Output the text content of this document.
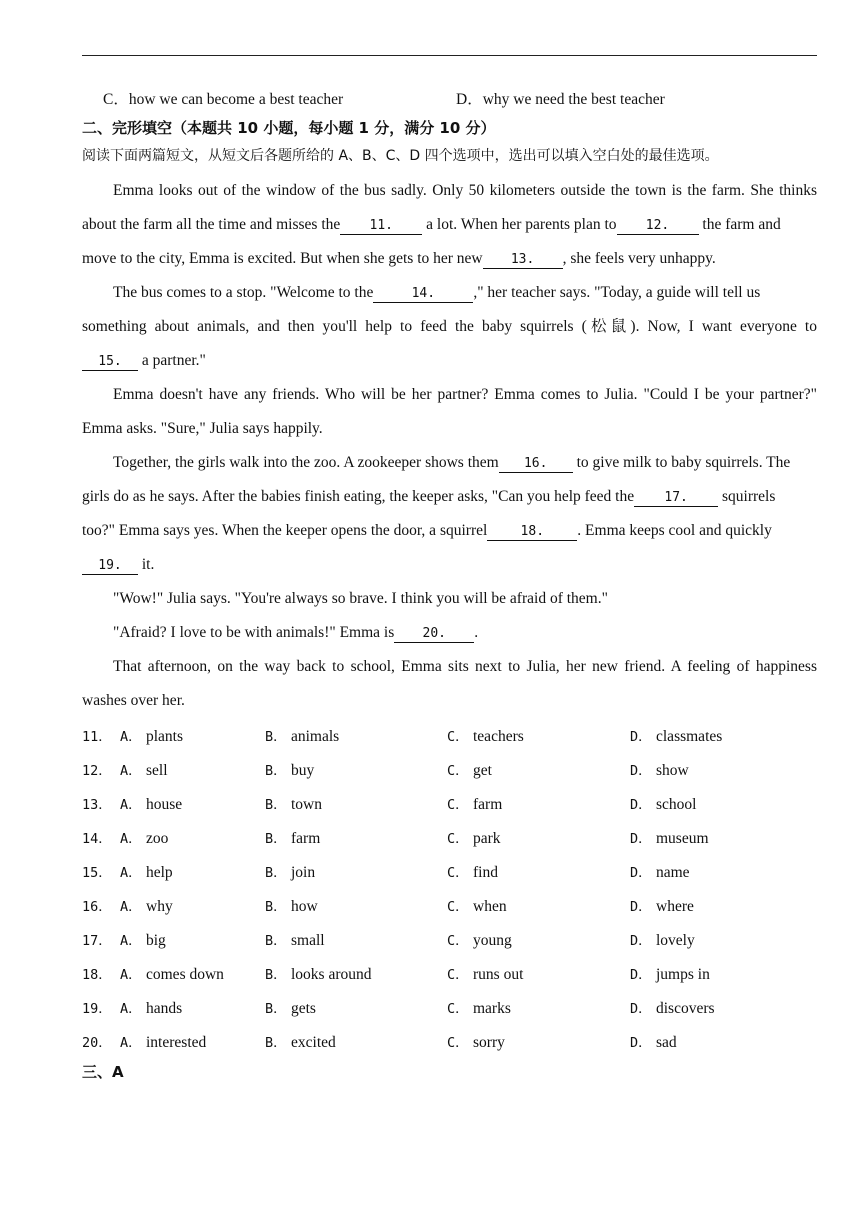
C．how we can become a best teacher	D．why we need the best teacher
二、完形填空（本题共 10 小题，每小题 1 分，满分 10 分）
阅读下面两篇短文，从短文后各题所给的 A、B、C、D 四个选项中，选出可以填入空白处的最佳选项。
Emma looks out of the window of the bus sadly. Only 50 kilometers outside the town is the farm. She thinks
about the farm all the time and misses the 11. a lot. When her parents plan to 12. the farm and
move to the city, Emma is excited. But when she gets to her new 13. , she feels very unhappy.
The bus comes to a stop. "Welcome to the	14. ," her teacher says. "Today, a guide will tell us
something about animals, and then you'll help to feed the baby squirrels (松鼠). Now, I want everyone to
15. a partner."
Emma doesn't have any friends. Who will be her partner? Emma comes to Julia. "Could I be your partner?"
Emma asks. "Sure," Julia says happily.
Together, the girls walk into the zoo. A zookeeper shows them 16. to give milk to baby squirrels. The
girls do as he says. After the babies finish eating, the keeper asks, "Can you help feed the 17. squirrels
too?" Emma says yes. When the keeper opens the door, a squirrel	18. . Emma keeps cool and quickly
19. it.
"Wow!" Julia says. "You're always so brave. I think you will be afraid of them."
"Afraid? I love to be with animals!" Emma is 20. .
That afternoon, on the way back to school, Emma sits next to Julia, her new friend. A feeling of happiness
washes over her.
11． A． plants	B． animals	C． teachers	D． classmates
12． A． sell	B． buy	C． get	D． show
13． A． house	B． town	C． farm	D． school
14． A． zoo	B． farm	C． park	D． museum
15． A． help	B． join	C． find	D． name
16． A． why	B． how	C． when	D． where
17． A． big	B． small	C． young	D． lovely
18． A． comes down	B． looks around	C． runs out	D． jumps in
19． A． hands	B． gets	C． marks	D． discovers
20． A． interested	B． excited	C． sorry	D． sad
三、A
